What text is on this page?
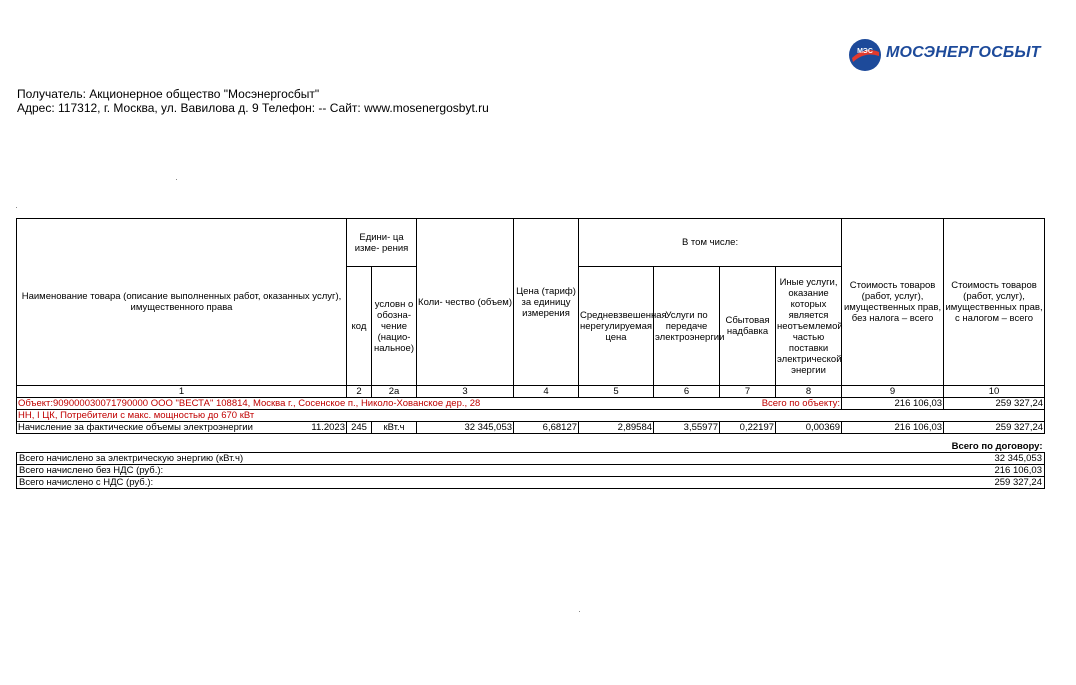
МЭС МОСЭНЕРГОСБЫТ
Получатель: Акционерное общество "Мосэнергосбыт"
Адрес: 117312, г. Москва, ул. Вавилова д. 9 Телефон: -- Сайт: www.mosenergosbyt.ru
Наименование товара (описание выполненных работ, оказанных услуг), имущественного права	Едини- ца изме- рения		Коли- чество (объем)	Цена (тариф) за единицу измерения	В том числе:				Стоимость товаров (работ, услуг), имущественных прав, без налога – всего	Стоимость товаров (работ, услуг), имущественных прав, с налогом – всего
	код	условн о обозна- чение (нацио- нальное)			Средневзвешенная нерегулируемая цена	Услуги по передаче электроэнергии	Сбытовая надбавка	Иные услуги, оказание которых является неотъемлемой частью поставки электрической энергии		
1	2	2а	3	4	5	6	7	8	9	10
Объект:909000030071790000 ООО "ВЕСТА" 108814, Москва г., Сосенское п., Николо-Хованское дер., 28							Всего по объекту:		216 106,03	259 327,24
НН, I ЦК, Потребители с макс. мощностью до 670 кВт										
Начисление за фактические объемы электроэнергии 11.2023	245	кВт.ч	32 345,053	6,68127	2,89584	3,55977	0,22197	0,00369	216 106,03	259 327,24
	Всего по договору:
Всего начислено за электрическую энергию (кВт.ч)	32 345,053
Всего начислено без НДС (руб.):	216 106,03
Всего начислено с НДС (руб.):	259 327,24
